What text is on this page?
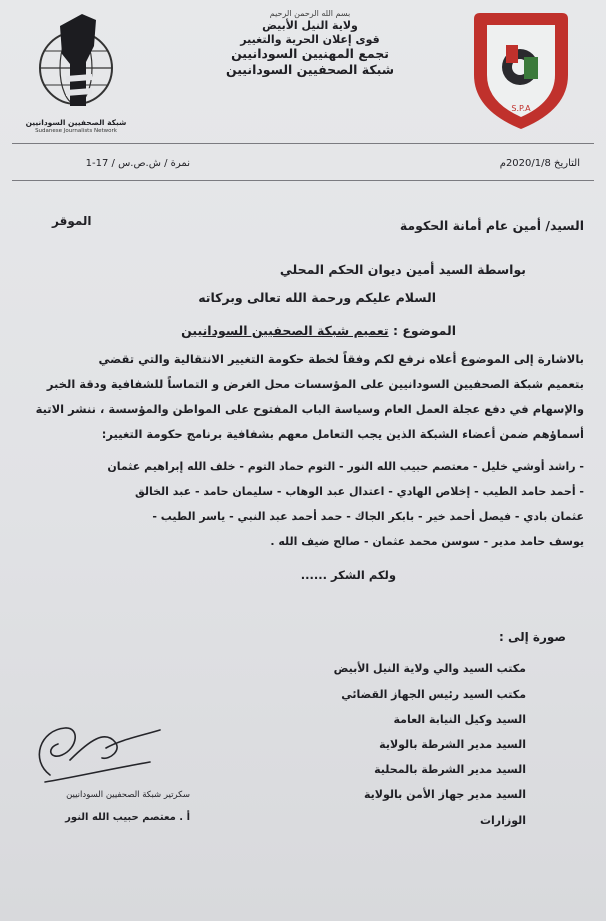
S.P.A
شبكة الصحفيين السودانيين
Sudanese Journalists Network
بسم الله الرحمن الرحيم
ولاية النيل الأبيض
قوى إعلان الحرية والتغيير
تجمع المهنيين السودانيين
شبكة الصحفيين السودانيين
التاريخ 2020/1/8م
نمرة / ش.ص.س / 17-1
السيد/ أمين عام أمانة الحكومة
الموقر
بواسطة السيد أمين ديوان الحكم المحلي
السلام عليكم ورحمة الله تعالى وبركاته
الموضوع : تعميم شبكة الصحفيين السودانيين
بالاشارة إلى الموضوع أعلاه نرفع لكم وفقاً لخطة حكومة التغيير الانتقالية والتي تقضي
بتعميم شبكة الصحفيين السودانيين على المؤسسات محل الغرض و التماساً للشفافية ودقة الخبر
والإسهام في دفع عجلة العمل العام وسياسة الباب المفتوح على المواطن والمؤسسة ، ننشر الاتية
أسماؤهم ضمن أعضاء الشبكة الذين يجب التعامل معهم بشفافية برنامج حكومة التغيير:
- راشد أوشي خليل - معتصم حبيب الله النور - التوم حماد التوم - خلف الله إبراهيم عثمان
- أحمد حامد الطيب - إخلاص الهادي - اعتدال عبد الوهاب - سليمان حامد - عبد الخالق
عثمان بادي - فيصل أحمد خير - بابكر الجاك - حمد أحمد عبد النبي - ياسر الطيب -
يوسف حامد مدير - سوسن محمد عثمان - صالح ضيف الله .
ولكم الشكر ......
صورة إلى :
مكتب السيد والي ولاية النيل الأبيض
مكتب السيد رئيس الجهاز القضائي
السيد وكيل النيابة العامة
السيد مدير الشرطة بالولاية
السيد مدير الشرطة بالمحلية
السيد مدير جهاز الأمن بالولاية
الوزارات
سكرتير شبكة الصحفيين السودانيين
أ . معتصم حبيب الله النور
